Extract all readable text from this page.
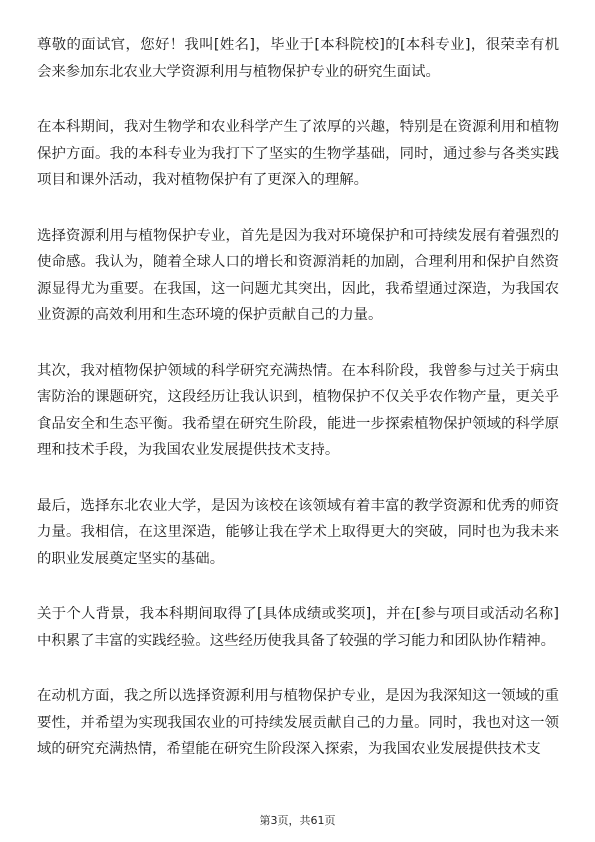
尊敬的面试官，您好！我叫[姓名]，毕业于[本科院校]的[本科专业]，很荣幸有机会来参加东北农业大学资源利用与植物保护专业的研究生面试。

在本科期间，我对生物学和农业科学产生了浓厚的兴趣，特别是在资源利用和植物保护方面。我的本科专业为我打下了坚实的生物学基础，同时，通过参与各类实践项目和课外活动，我对植物保护有了更深入的理解。

选择资源利用与植物保护专业，首先是因为我对环境保护和可持续发展有着强烈的使命感。我认为，随着全球人口的增长和资源消耗的加剧，合理利用和保护自然资源显得尤为重要。在我国，这一问题尤其突出，因此，我希望通过深造，为我国农业资源的高效利用和生态环境的保护贡献自己的力量。

其次，我对植物保护领域的科学研究充满热情。在本科阶段，我曾参与过关于病虫害防治的课题研究，这段经历让我认识到，植物保护不仅关乎农作物产量，更关乎食品安全和生态平衡。我希望在研究生阶段，能进一步探索植物保护领域的科学原理和技术手段，为我国农业发展提供技术支持。

最后，选择东北农业大学，是因为该校在该领域有着丰富的教学资源和优秀的师资力量。我相信，在这里深造，能够让我在学术上取得更大的突破，同时也为我未来的职业发展奠定坚实的基础。

关于个人背景，我本科期间取得了[具体成绩或奖项]，并在[参与项目或活动名称]中积累了丰富的实践经验。这些经历使我具备了较强的学习能力和团队协作精神。

在动机方面，我之所以选择资源利用与植物保护专业，是因为我深知这一领域的重要性，并希望为实现我国农业的可持续发展贡献自己的力量。同时，我也对这一领域的研究充满热情，希望能在研究生阶段深入探索，为我国农业发展提供技术支

第3页，共61页
